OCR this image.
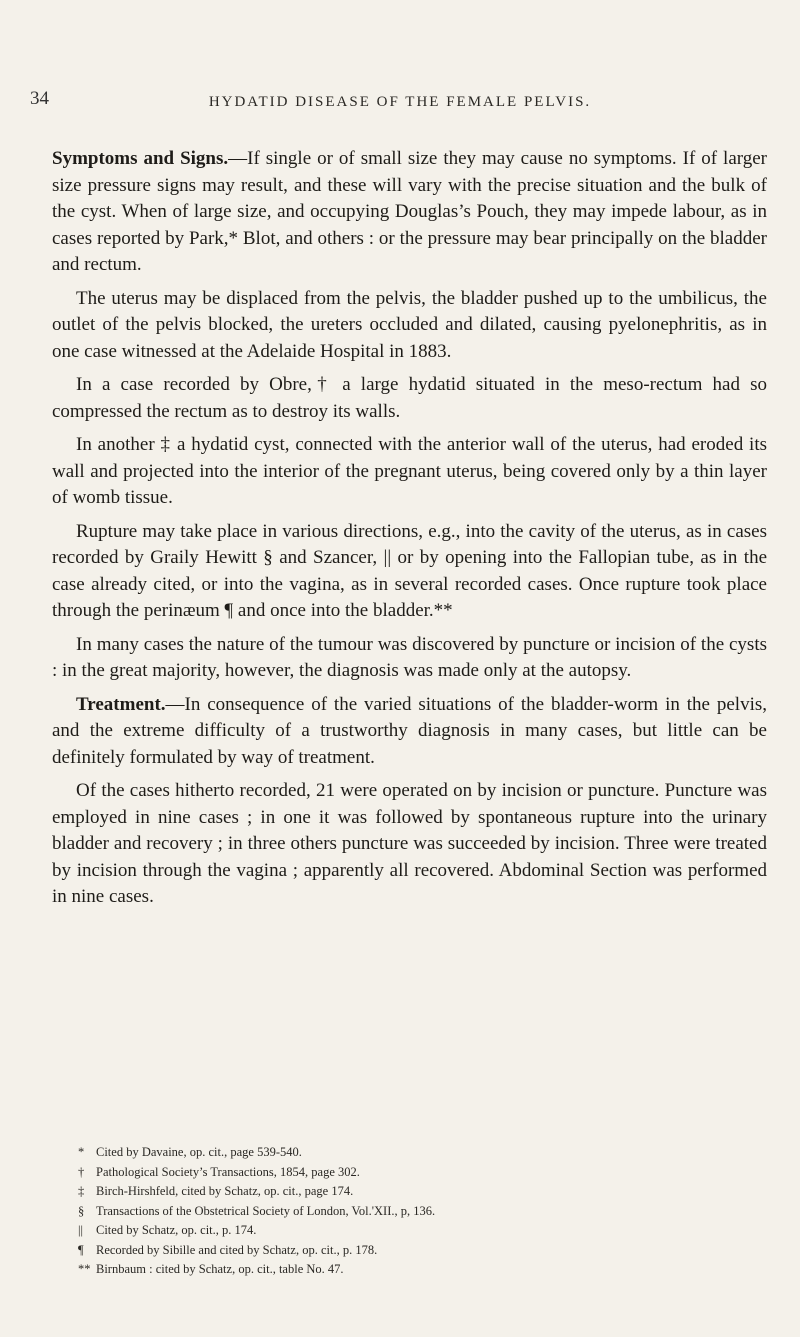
34	HYDATID DISEASE OF THE FEMALE PELVIS.

Symptoms and Signs.—If single or of small size they may cause no symptoms. If of larger size pressure signs may result, and these will vary with the precise situation and the bulk of the cyst. When of large size, and occupying Douglas’s Pouch, they may impede labour, as in cases reported by Park,* Blot, and others : or the pressure may bear principally on the bladder and rectum.

The uterus may be displaced from the pelvis, the bladder pushed up to the umbilicus, the outlet of the pelvis blocked, the ureters occluded and dilated, causing pyelonephritis, as in one case witnessed at the Adelaide Hospital in 1883.

In a case recorded by Obre,† a large hydatid situated in the meso-rectum had so compressed the rectum as to destroy its walls.

In another ‡ a hydatid cyst, connected with the anterior wall of the uterus, had eroded its wall and projected into the interior of the pregnant uterus, being covered only by a thin layer of womb tissue.

Rupture may take place in various directions, e.g., into the cavity of the uterus, as in cases recorded by Graily Hewitt § and Szancer, || or by opening into the Fallopian tube, as in the case already cited, or into the vagina, as in several recorded cases. Once rupture took place through the perinæum ¶ and once into the bladder.**

In many cases the nature of the tumour was discovered by puncture or incision of the cysts : in the great majority, however, the diagnosis was made only at the autopsy.

Treatment.—In consequence of the varied situations of the bladder-worm in the pelvis, and the extreme difficulty of a trustworthy diagnosis in many cases, but little can be definitely formulated by way of treatment.

Of the cases hitherto recorded, 21 were operated on by incision or puncture. Puncture was employed in nine cases ; in one it was followed by spontaneous rupture into the urinary bladder and recovery ; in three others puncture was succeeded by incision. Three were treated by incision through the vagina ; apparently all recovered. Abdominal Section was performed in nine cases.

* Cited by Davaine, op. cit., page 539-540.
† Pathological Society’s Transactions, 1854, page 302.
‡ Birch-Hirshfeld, cited by Schatz, op. cit., page 174.
§ Transactions of the Obstetrical Society of London, Vol.'XII., p, 136.
|| Cited by Schatz, op. cit., p. 174.
¶ Recorded by Sibille and cited by Schatz, op. cit., p. 178.
** Birnbaum : cited by Schatz, op. cit., table No. 47.
